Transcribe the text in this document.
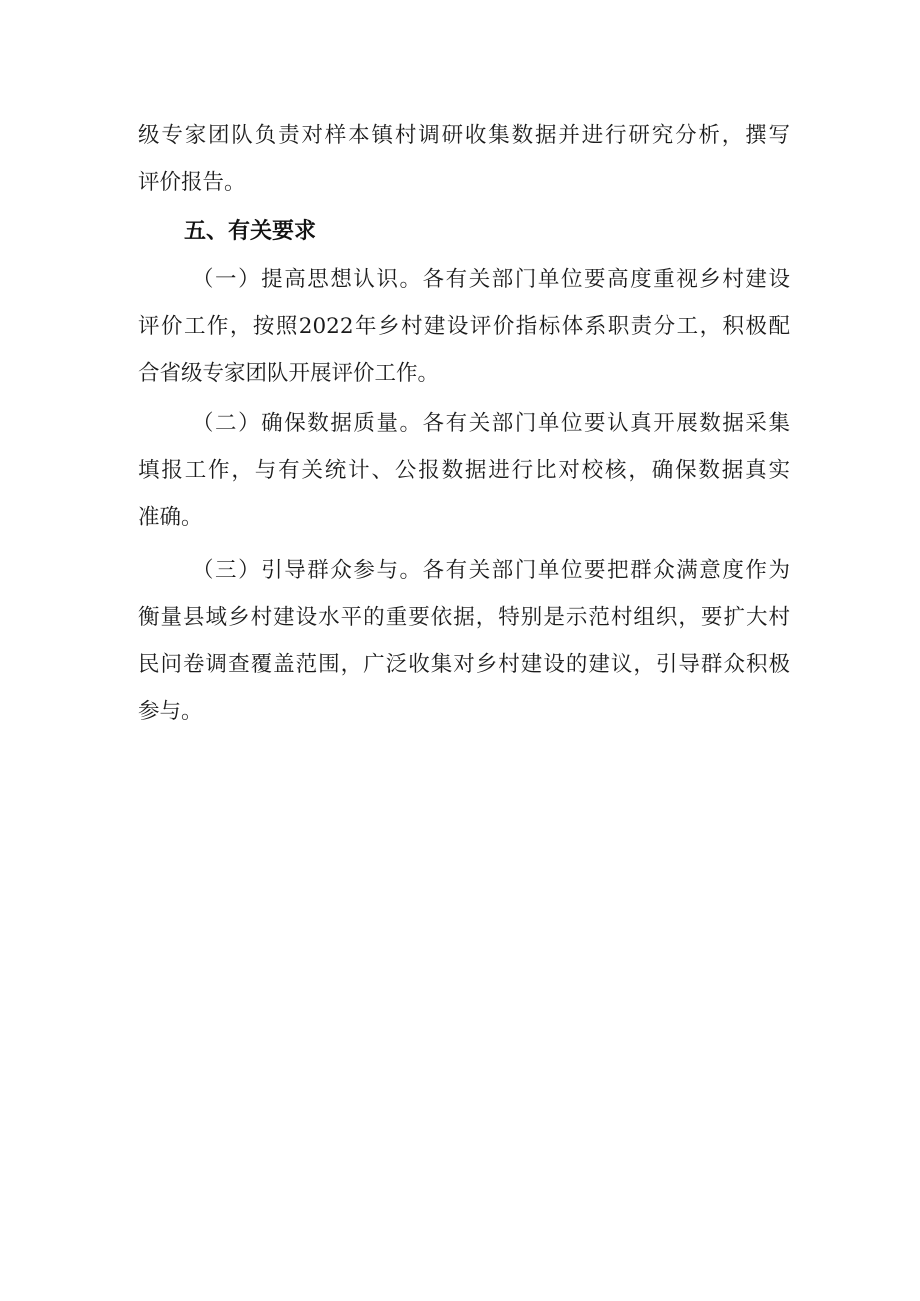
级专家团队负责对样本镇村调研收集数据并进行研究分析，撰写
评价报告。
五、有关要求
（一）提高思想认识。各有关部门单位要高度重视乡村建设
评价工作，按照2022年乡村建设评价指标体系职责分工，积极配
合省级专家团队开展评价工作。
（二）确保数据质量。各有关部门单位要认真开展数据采集
填报工作，与有关统计、公报数据进行比对校核，确保数据真实
准确。
（三）引导群众参与。各有关部门单位要把群众满意度作为
衡量县域乡村建设水平的重要依据，特别是示范村组织，要扩大村
民问卷调查覆盖范围，广泛收集对乡村建设的建议，引导群众积极
参与。
